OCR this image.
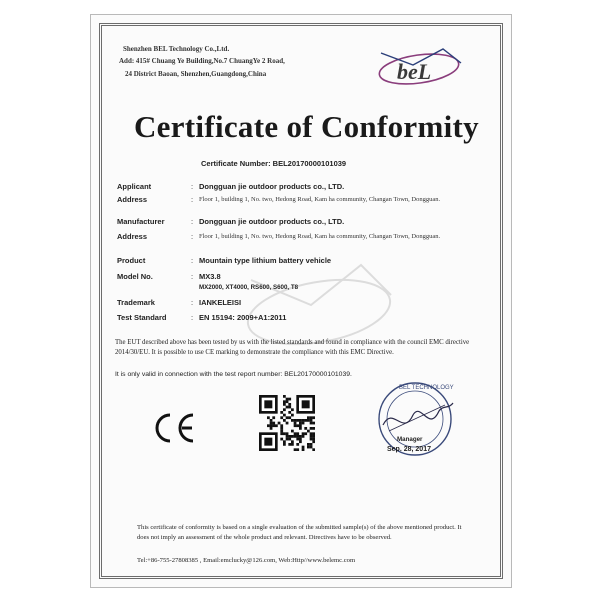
Shenzhen BEL Technology Co.,Ltd.
Add: 415# Chuang Ye Building,No.7 ChuangYe 2 Road,
24 District Baoan, Shenzhen,Guangdong,China	beL
Certificate of Conformity
Certificate Number: BEL20170000101039
Applicant	: Dongguan jie outdoor products co., LTD.
Address	: Floor 1, building 1, No. two, Hedong Road, Kam ha community, Changan Town, Dongguan.
Manufacturer	: Dongguan jie outdoor products co., LTD.
Address	: Floor 1, building 1, No. two, Hedong Road, Kam ha community, Changan Town, Dongguan.
Product	: Mountain type lithium battery vehicle
Model No.	: MX3.8
MX2000, XT4000, RS600, S600, T8
Trademark	: IANKELEISI
Test Standard	: EN 15194: 2009+A1:2011
The EUT described above has been tested by us with the listed standards and found in compliance with the council EMC directive 2014/30/EU. It is possible to use CE marking to demonstrate the compliance with this EMC Directive.
It is only valid in connection with the test report number: BEL20170000101039.
BEL TECHNOLOGY
Manager
Sep. 28, 2017
This certificate of conformity is based on a single evaluation of the submitted sample(s) of the above mentioned product. It does not imply an assessment of the whole product and relevant. Directives have to be observed.
Tel:+86-755-27808385 , Email:emclucky@126.com, Web:Http//www.belemc.com
